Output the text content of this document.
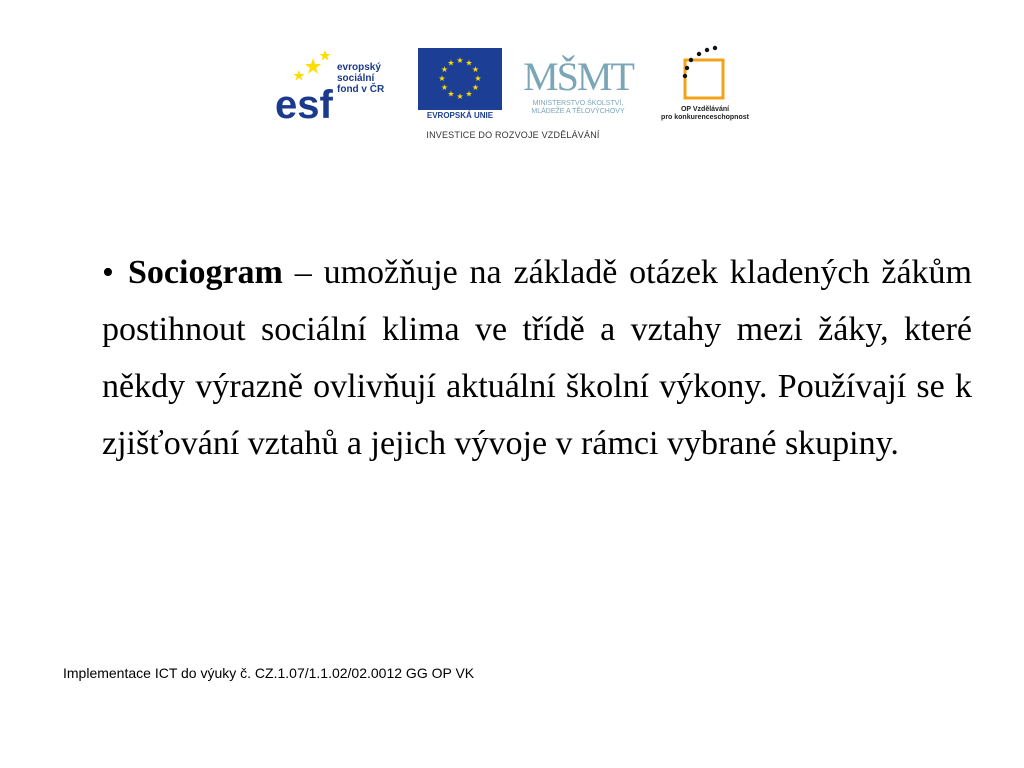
esf
evropský
sociální
fond v ČR
★ ★
★
★
★
★
★
★
★
★
★
★
EVROPSKÁ UNIE
MŠMT
MINISTERSTVO ŠKOLSTVÍ,
MLÁDEŽE A TĚLOVÝCHOVY	OP Vzdělávání
pro konkurenceschopnost
INVESTICE DO ROZVOJE VZDĚLÁVÁNÍ
• Sociogram – umožňuje na základě otázek kladených žákům postihnout sociální klima ve třídě a vztahy mezi žáky, které někdy výrazně ovlivňují aktuální školní výkony. Používají se k zjišťování vztahů a jejich vývoje v rámci vybrané skupiny.
Implementace ICT do výuky č. CZ.1.07/1.1.02/02.0012 GG OP VK
